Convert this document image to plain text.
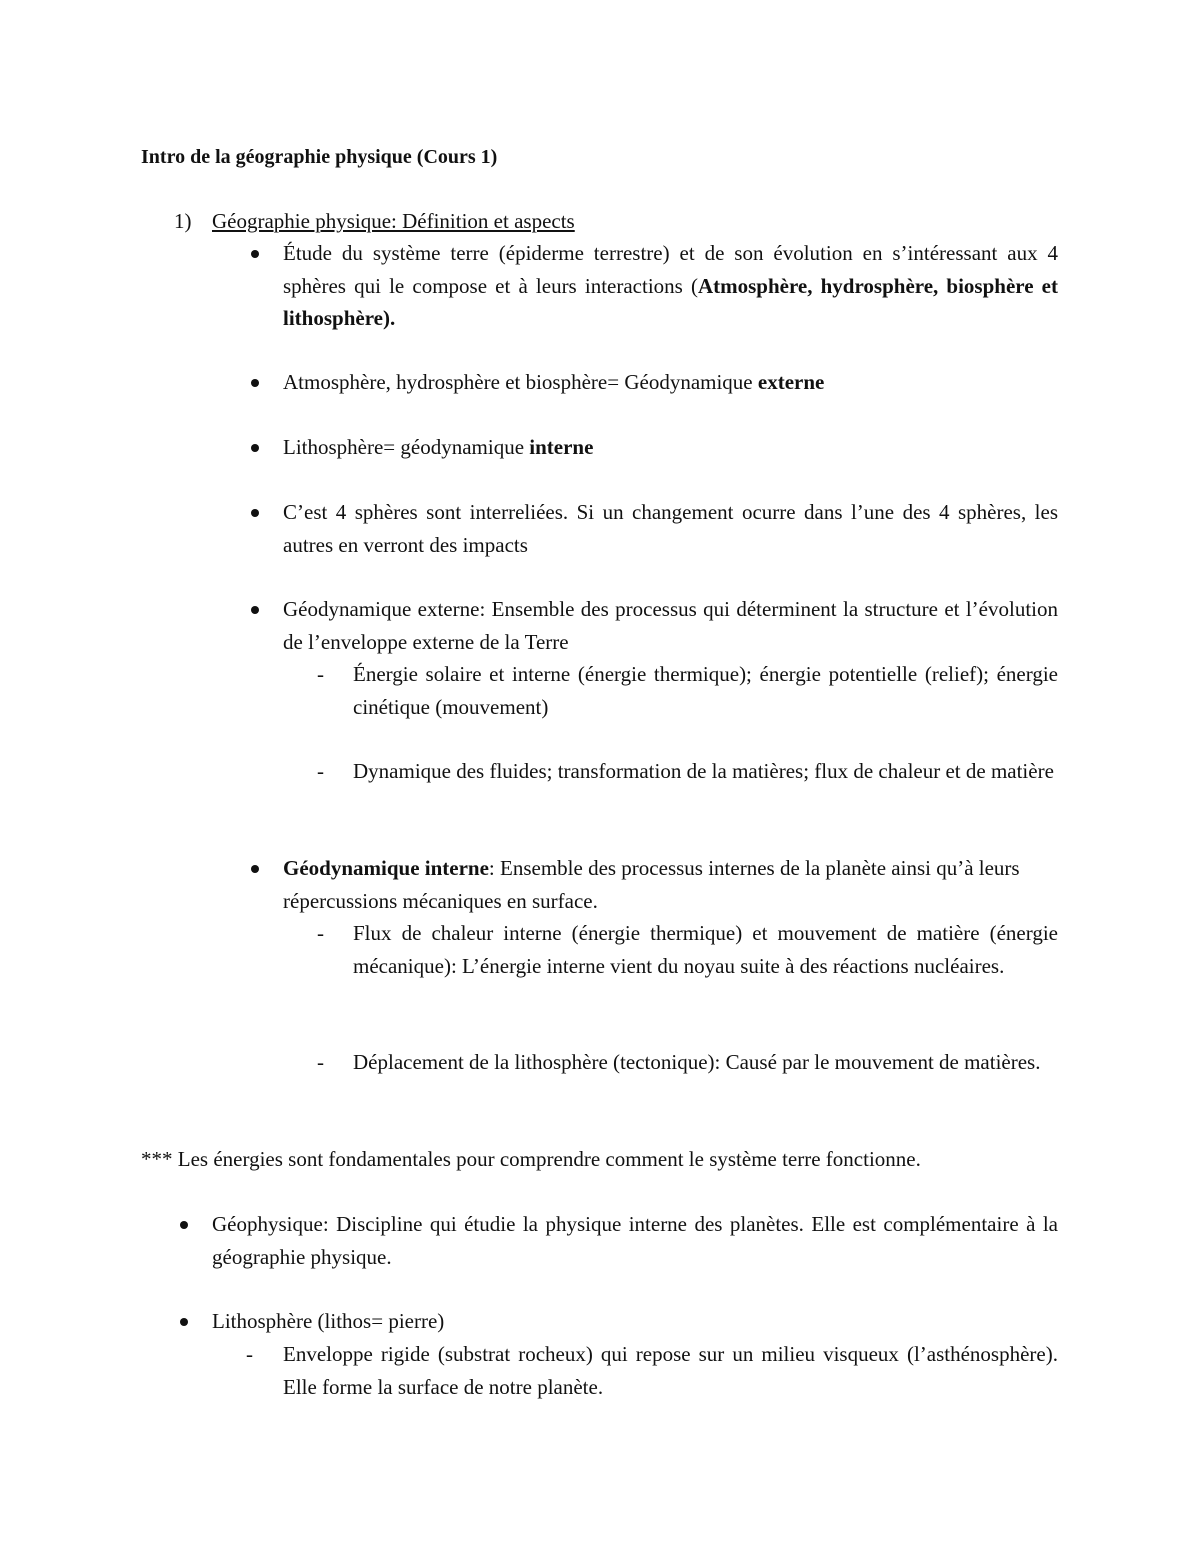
Intro de la géographie physique (Cours 1)

1) Géographie physique: Définition et aspects

Étude du système terre (épiderme terrestre) et de son évolution en s’intéressant aux 4 sphères qui le compose et à leurs interactions (Atmosphère, hydrosphère, biosphère et lithosphère).

Atmosphère, hydrosphère et biosphère= Géodynamique externe

Lithosphère= géodynamique interne

C’est 4 sphères sont interreliées. Si un changement ocurre dans l’une des 4 sphères, les autres en verront des impacts

Géodynamique externe: Ensemble des processus qui déterminent la structure et l’évolution de l’enveloppe externe de la Terre

- Énergie solaire et interne (énergie thermique); énergie potentielle (relief); énergie cinétique (mouvement)

- Dynamique des fluides; transformation de la matières; flux de chaleur et de matière

Géodynamique interne: Ensemble des processus internes de la planète ainsi qu’à leurs répercussions mécaniques en surface.

- Flux de chaleur interne (énergie thermique) et mouvement de matière (énergie mécanique): L’énergie interne vient du noyau suite à des réactions nucléaires.

- Déplacement de la lithosphère (tectonique): Causé par le mouvement de matières.

*** Les énergies sont fondamentales pour comprendre comment le système terre fonctionne.

Géophysique: Discipline qui étudie la physique interne des planètes. Elle est complémentaire à la géographie physique.

Lithosphère (lithos= pierre)

- Enveloppe rigide (substrat rocheux) qui repose sur un milieu visqueux (l’asthénosphère). Elle forme la surface de notre planète.
